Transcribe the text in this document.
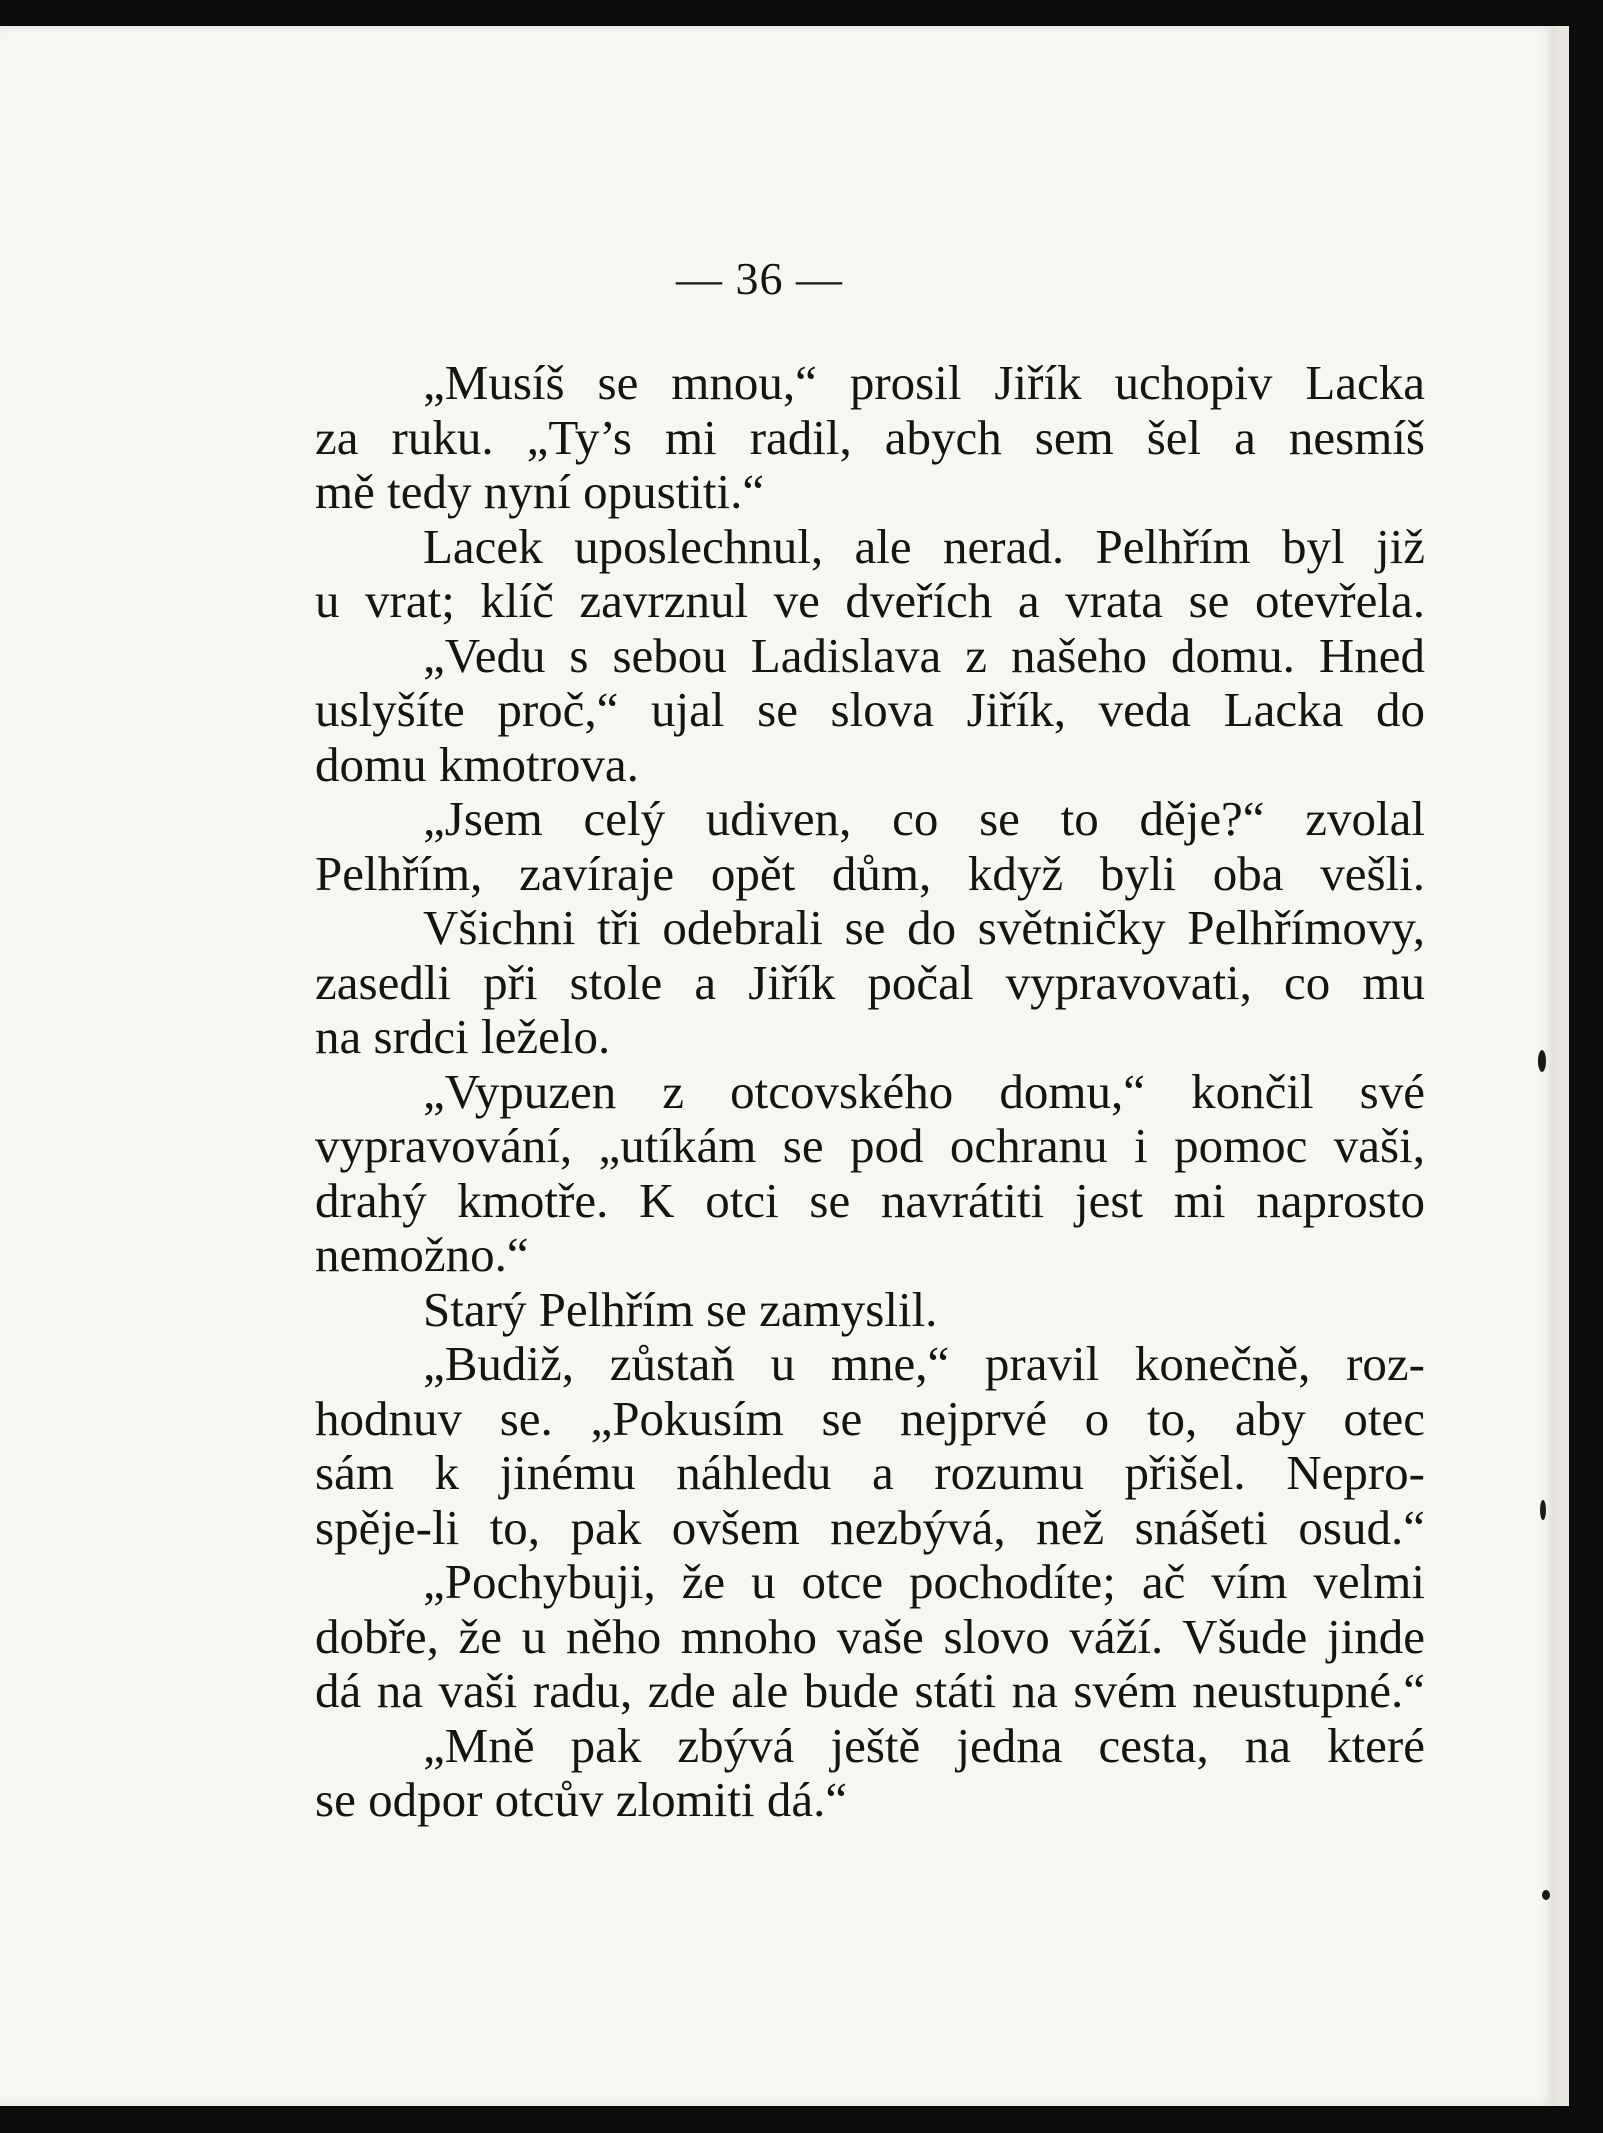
— 36 —
„Musíš se mnou,“ prosil Jiřík uchopiv Lacka
za ruku. „Ty’s mi radil, abych sem šel a nesmíš
mě tedy nyní opustiti.“
Lacek uposlechnul, ale nerad. Pelhřím byl již
u vrat; klíč zavrznul ve dveřích a vrata se otevřela.
„Vedu s sebou Ladislava z našeho domu. Hned
uslyšíte proč,“ ujal se slova Jiřík, veda Lacka do
domu kmotrova.
„Jsem celý udiven, co se to děje?“ zvolal
Pelhřím, zavíraje opět dům, když byli oba vešli.
Všichni tři odebrali se do světničky Pelhřímovy,
zasedli při stole a Jiřík počal vypravovati, co mu
na srdci leželo.
„Vypuzen z otcovského domu,“ končil své
vypravování, „utíkám se pod ochranu i pomoc vaši,
drahý kmotře. K otci se navrátiti jest mi naprosto
nemožno.“
Starý Pelhřím se zamyslil.
„Budiž, zůstaň u mne,“ pravil konečně, roz-
hodnuv se. „Pokusím se nejprvé o to, aby otec
sám k jinému náhledu a rozumu přišel. Nepro-
spěje-li to, pak ovšem nezbývá, než snášeti osud.“
„Pochybuji, že u otce pochodíte; ač vím velmi
dobře, že u něho mnoho vaše slovo váží. Všude jinde
dá na vaši radu, zde ale bude státi na svém neustupné.“
„Mně pak zbývá ještě jedna cesta, na které
se odpor otcův zlomiti dá.“
